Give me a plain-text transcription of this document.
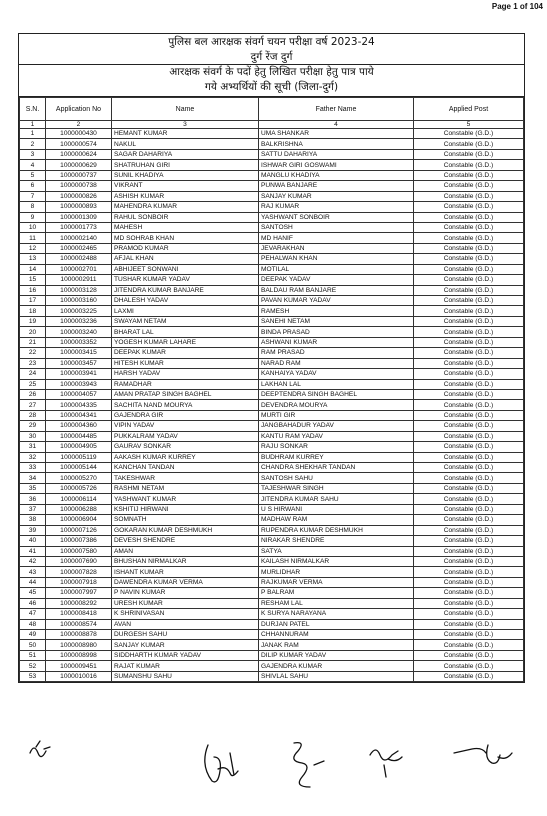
Page 1 of 104
पुलिस बल आरक्षक संवर्ग चयन परीक्षा वर्ष 2023-24
दुर्ग रेंज दुर्ग
आरक्षक संवर्ग के पदों हेतु लिखित परीक्षा हेतु पात्र पाये
गये अभ्यर्थियों की सूची (जिला-दुर्ग)
S.N.	Application No	Name	Father Name	Applied Post
1	2	3	4	5
1	1000000430	HEMANT KUMAR	UMA SHANKAR	Constable (G.D.)
2	1000000574	NAKUL	BALKRISHNA	Constable (G.D.)
3	1000000624	SAGAR DAHARIYA	SATTU DAHARIYA	Constable (G.D.)
4	1000000629	SHATRUHAN GIRI	ISHWAR GIRI GOSWAMI	Constable (G.D.)
5	1000000737	SUNIL KHADIYA	MANGLU KHADIYA	Constable (G.D.)
6	1000000738	VIKRANT	PUNWA BANJARE	Constable (G.D.)
7	1000000826	ASHISH KUMAR	SANJAY KUMAR	Constable (G.D.)
8	1000000893	MAHENDRA KUMAR	RAJ KUMAR	Constable (G.D.)
9	1000001309	RAHUL SONBOIR	YASHWANT SONBOIR	Constable (G.D.)
10	1000001773	MAHESH	SANTOSH	Constable (G.D.)
11	1000002140	MD SOHRAB KHAN	MD HANIF	Constable (G.D.)
12	1000002465	PRAMOD KUMAR	JEVARAKHAN	Constable (G.D.)
13	1000002488	AFJAL KHAN	PEHALWAN KHAN	Constable (G.D.)
14	1000002701	ABHIJEET SONWANI	MOTILAL	Constable (G.D.)
15	1000002911	TUSHAR KUMAR YADAV	DEEPAK YADAV	Constable (G.D.)
16	1000003128	JITENDRA KUMAR BANJARE	BALDAU RAM BANJARE	Constable (G.D.)
17	1000003160	DHALESH YADAV	PAVAN KUMAR YADAV	Constable (G.D.)
18	1000003225	LAXMI	RAMESH	Constable (G.D.)
19	1000003236	SWAYAM NETAM	SANEHI NETAM	Constable (G.D.)
20	1000003240	BHARAT LAL	BINDA PRASAD	Constable (G.D.)
21	1000003352	YOGESH KUMAR LAHARE	ASHWANI KUMAR	Constable (G.D.)
22	1000003415	DEEPAK KUMAR	RAM PRASAD	Constable (G.D.)
23	1000003457	HITESH KUMAR	NARAD RAM	Constable (G.D.)
24	1000003941	HARSH YADAV	KANHAIYA YADAV	Constable (G.D.)
25	1000003943	RAMADHAR	LAKHAN LAL	Constable (G.D.)
26	1000004057	AMAN PRATAP SINGH BAGHEL	DEEPTENDRA SINGH BAGHEL	Constable (G.D.)
27	1000004335	SACHITA NAND MOURYA	DEVENDRA MOURYA	Constable (G.D.)
28	1000004341	GAJENDRA GIR	MURTI GIR	Constable (G.D.)
29	1000004360	VIPIN YADAV	JANGBAHADUR YADAV	Constable (G.D.)
30	1000004485	PUKKALRAM YADAV	KANTU RAM YADAV	Constable (G.D.)
31	1000004905	GAURAV SONKAR	RAJU SONKAR	Constable (G.D.)
32	1000005119	AAKASH KUMAR KURREY	BUDHRAM KURREY	Constable (G.D.)
33	1000005144	KANCHAN TANDAN	CHANDRA SHEKHAR TANDAN	Constable (G.D.)
34	1000005270	TAKESHWAR	SANTOSH SAHU	Constable (G.D.)
35	1000005726	RASHMI NETAM	TAJESHWAR SINGH	Constable (G.D.)
36	1000006114	YASHWANT KUMAR	JITENDRA KUMAR SAHU	Constable (G.D.)
37	1000006288	KSHITIJ HIRWANI	U S HIRWANI	Constable (G.D.)
38	1000006904	SOMNATH	MADHAW RAM	Constable (G.D.)
39	1000007126	GOKARAN KUMAR DESHMUKH	RUPENDRA KUMAR DESHMUKH	Constable (G.D.)
40	1000007386	DEVESH SHENDRE	NIRAKAR SHENDRE	Constable (G.D.)
41	1000007580	AMAN	SATYA	Constable (G.D.)
42	1000007690	BHUSHAN NIRMALKAR	KAILASH NIRMALKAR	Constable (G.D.)
43	1000007828	ISHANT KUMAR	MURLIDHAR	Constable (G.D.)
44	1000007918	DAWENDRA KUMAR VERMA	RAJKUMAR VERMA	Constable (G.D.)
45	1000007997	P NAVIN KUMAR	P BALRAM	Constable (G.D.)
46	1000008292	URESH KUMAR	RESHAM LAL	Constable (G.D.)
47	1000008418	K SHRINIVASAN	K SURYA NARAYANA	Constable (G.D.)
48	1000008574	AVAN	DURJAN PATEL	Constable (G.D.)
49	1000008878	DURGESH SAHU	CHHANNURAM	Constable (G.D.)
50	1000008980	SANJAY KUMAR	JANAK RAM	Constable (G.D.)
51	1000008998	SIDDHARTH KUMAR YADAV	DILIP KUMAR YADAV	Constable (G.D.)
52	1000009451	RAJAT KUMAR	GAJENDRA KUMAR	Constable (G.D.)
53	1000010016	SUMANSHU SAHU	SHIVLAL SAHU	Constable (G.D.)
